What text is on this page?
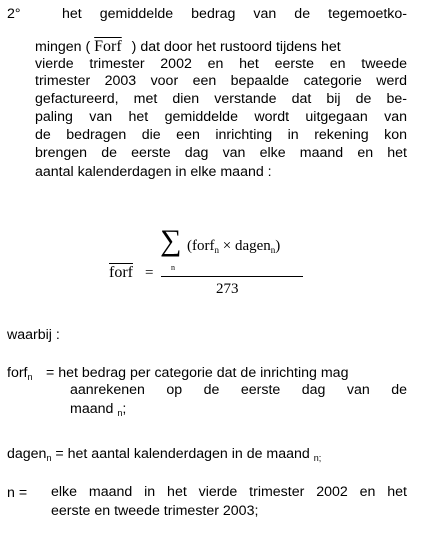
2°	het gemiddelde bedrag van de tegemoetko-
mingen ( Forf ) dat door het rustoord tijdens het
vierde trimester 2002 en het eerste en tweede
trimester 2003 voor een bepaalde categorie werd
gefactureerd, met dien verstande dat bij de be-
paling van het gemiddelde wordt uitgegaan van
de bedragen die een inrichting in rekening kon
brengen de eerste dag van elke maand en het
aantal kalenderdagen in elke maand :
∑ (forf$_n$ × dagen$_n$)
n
forf =
273
waarbij :
forf$_n$ = het bedrag per categorie dat de inrichting mag
aanrekenen op de eerste dag van de
maand $_n$;
dagen$_n$ = het aantal kalenderdagen in de maand $_{n;}$
n = elke maand in het vierde trimester 2002 en het
eerste en tweede trimester 2003;
